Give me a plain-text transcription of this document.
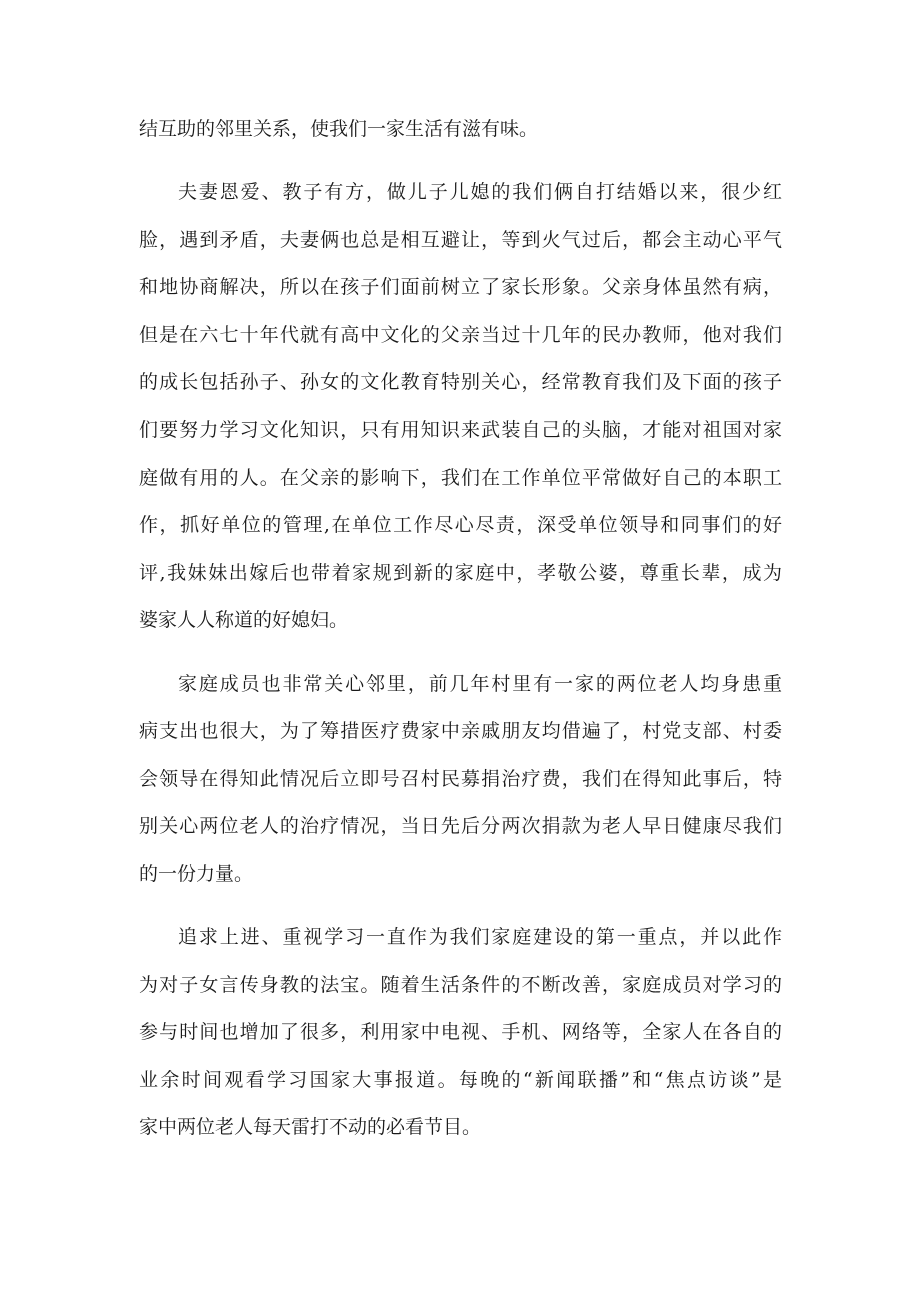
结互助的邻里关系，使我们一家生活有滋有味。
夫妻恩爱、教子有方，做儿子儿媳的我们俩自打结婚以来，很少红
脸，遇到矛盾，夫妻俩也总是相互避让，等到火气过后，都会主动心平气
和地协商解决，所以在孩子们面前树立了家长形象。父亲身体虽然有病，
但是在六七十年代就有高中文化的父亲当过十几年的民办教师，他对我们
的成长包括孙子、孙女的文化教育特别关心，经常教育我们及下面的孩子
们要努力学习文化知识，只有用知识来武装自己的头脑，才能对祖国对家
庭做有用的人。在父亲的影响下，我们在工作单位平常做好自己的本职工
作，抓好单位的管理,在单位工作尽心尽责，深受单位领导和同事们的好
评,我妹妹出嫁后也带着家规到新的家庭中，孝敬公婆，尊重长辈，成为
婆家人人称道的好媳妇。
家庭成员也非常关心邻里，前几年村里有一家的两位老人均身患重
病支出也很大，为了筹措医疗费家中亲戚朋友均借遍了，村党支部、村委
会领导在得知此情况后立即号召村民募捐治疗费，我们在得知此事后，特
别关心两位老人的治疗情况，当日先后分两次捐款为老人早日健康尽我们
的一份力量。
追求上进、重视学习一直作为我们家庭建设的第一重点，并以此作
为对子女言传身教的法宝。随着生活条件的不断改善，家庭成员对学习的
参与时间也增加了很多，利用家中电视、手机、网络等，全家人在各自的
业余时间观看学习国家大事报道。每晚的“新闻联播”和“焦点访谈”是
家中两位老人每天雷打不动的必看节目。
